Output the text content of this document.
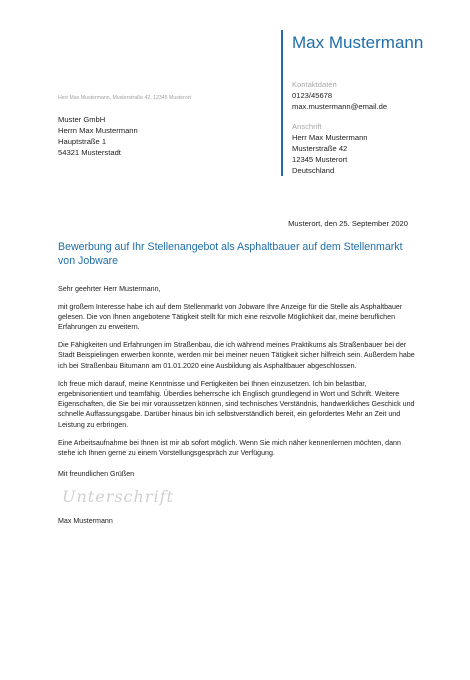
Max Mustermann
Kontaktdaten
0123/45678
max.mustermann@email.de
Anschrift
Herr Max Mustermann
Musterstraße 42
12345 Musterort
Deutschland
Herr Max Mustermann, Musterstraße 42, 12345 Musterort
Muster GmbH
Herrn Max Mustermann
Hauptstraße 1
54321 Musterstadt
Musterort, den 25. September 2020
Bewerbung auf Ihr Stellenangebot als Asphaltbauer auf dem Stellenmarkt von Jobware

Sehr geehrter Herr Mustermann,

mit großem Interesse habe ich auf dem Stellenmarkt von Jobware Ihre Anzeige für die Stelle als Asphaltbauer gelesen. Die von Ihnen angebotene Tätigkeit stellt für mich eine reizvolle Möglichkeit dar, meine beruflichen Erfahrungen zu erweitern.

Die Fähigkeiten und Erfahrungen im Straßenbau, die ich während meines Praktikums als Straßenbauer bei der Stadt Beispielingen erwerben konnte, werden mir bei meiner neuen Tätigkeit sicher hilfreich sein. Außerdem habe ich bei Straßenbau Bitumann am 01.01.2020 eine Ausbildung als Asphaltbauer abgeschlossen.

Ich freue mich darauf, meine Kenntnisse und Fertigkeiten bei Ihnen einzusetzen. Ich bin belastbar, ergebnisorientiert und teamfähig. Überdies beherrsche ich Englisch grundlegend in Wort und Schrift. Weitere Eigenschaften, die Sie bei mir voraussetzen können, sind technisches Verständnis, handwerkliches Geschick und schnelle Auffassungsgabe. Darüber hinaus bin ich selbstverständlich bereit, ein gefordertes Mehr an Zeit und Leistung zu erbringen.

Eine Arbeitsaufnahme bei Ihnen ist mir ab sofort möglich. Wenn Sie mich näher kennenlernen möchten, dann stehe ich Ihnen gerne zu einem Vorstellungsgespräch zur Verfügung.

Mit freundlichen Grüßen
Unterschrift
Max Mustermann
